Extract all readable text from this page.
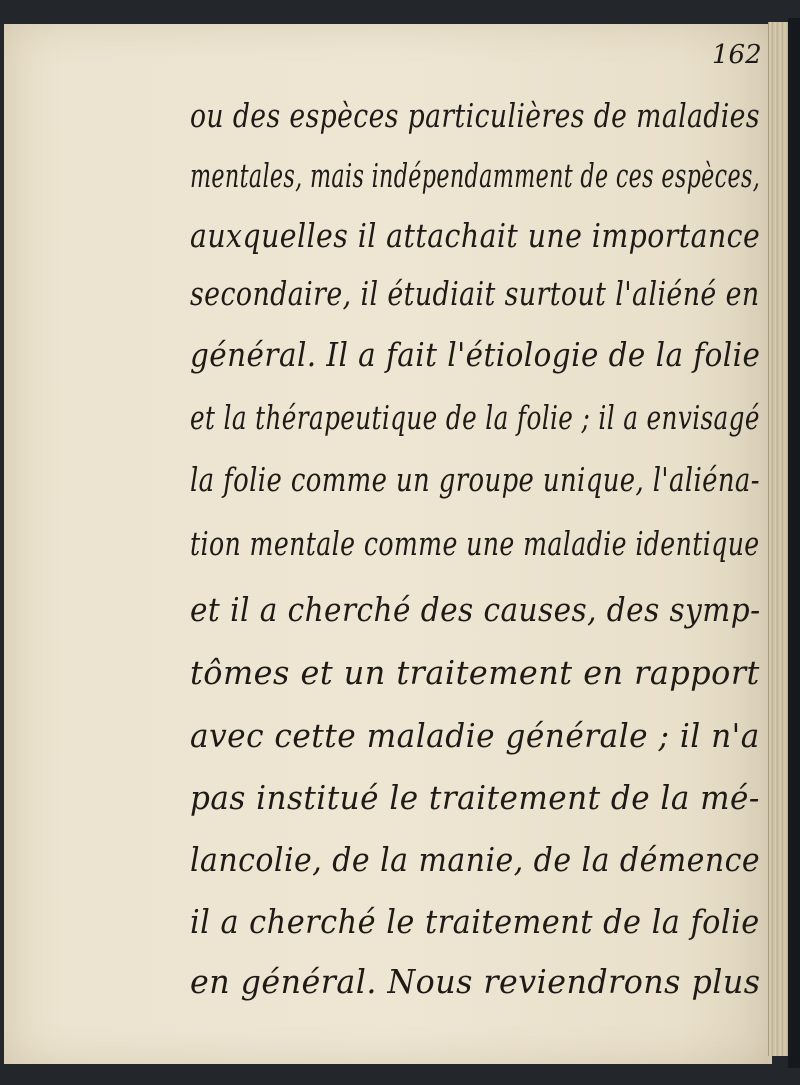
162
ou des espèces particulières de maladies
mentales, mais indépendamment de ces espèces,
auxquelles il attachait une importance
secondaire, il étudiait surtout l'aliéné en
général. Il a fait l'étiologie de la folie
et la thérapeutique de la folie ; il a envisagé
la folie comme un groupe unique, l'aliéna-
tion mentale comme une maladie identique
et il a cherché des causes, des symp-
tômes et un traitement en rapport
avec cette maladie générale ; il n'a
pas institué le traitement de la mé-
lancolie, de la manie, de la démence
il a cherché le traitement de la folie
en général. Nous reviendrons plus
